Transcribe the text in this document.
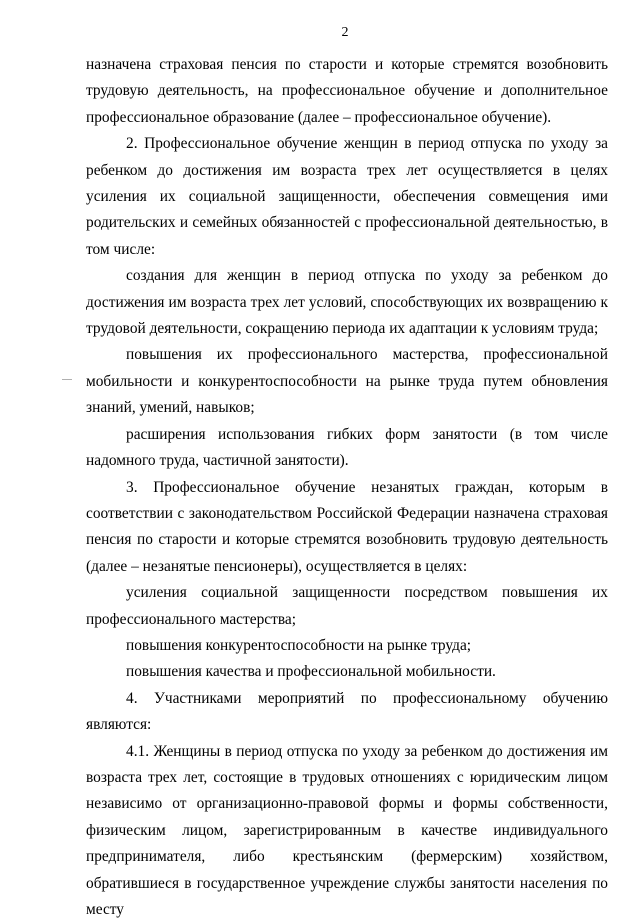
2

назначена страховая пенсия по старости и которые стремятся возобновить трудовую деятельность, на профессиональное обучение и дополнительное профессиональное образование (далее – профессиональное обучение).

2. Профессиональное обучение женщин в период отпуска по уходу за ребенком до достижения им возраста трех лет осуществляется в целях усиления их социальной защищенности, обеспечения совмещения ими родительских и семейных обязанностей с профессиональной деятельностью, в том числе:

создания для женщин в период отпуска по уходу за ребенком до достижения им возраста трех лет условий, способствующих их возвращению к трудовой деятельности, сокращению периода их адаптации к условиям труда;

повышения их профессионального мастерства, профессиональной мобильности и конкурентоспособности на рынке труда путем обновления знаний, умений, навыков;

расширения использования гибких форм занятости (в том числе надомного труда, частичной занятости).

3. Профессиональное обучение незанятых граждан, которым в соответствии с законодательством Российской Федерации назначена страховая пенсия по старости и которые стремятся возобновить трудовую деятельность (далее – незанятые пенсионеры), осуществляется в целях:

усиления социальной защищенности посредством повышения их профессионального мастерства;

повышения конкурентоспособности на рынке труда;

повышения качества и профессиональной мобильности.

4. Участниками мероприятий по профессиональному обучению являются:

4.1. Женщины в период отпуска по уходу за ребенком до достижения им возраста трех лет, состоящие в трудовых отношениях с юридическим лицом независимо от организационно-правовой формы и формы собственности, физическим лицом, зарегистрированным в качестве индивидуального предпринимателя, либо крестьянским (фермерским) хозяйством, обратившиеся в государственное учреждение службы занятости населения по месту
